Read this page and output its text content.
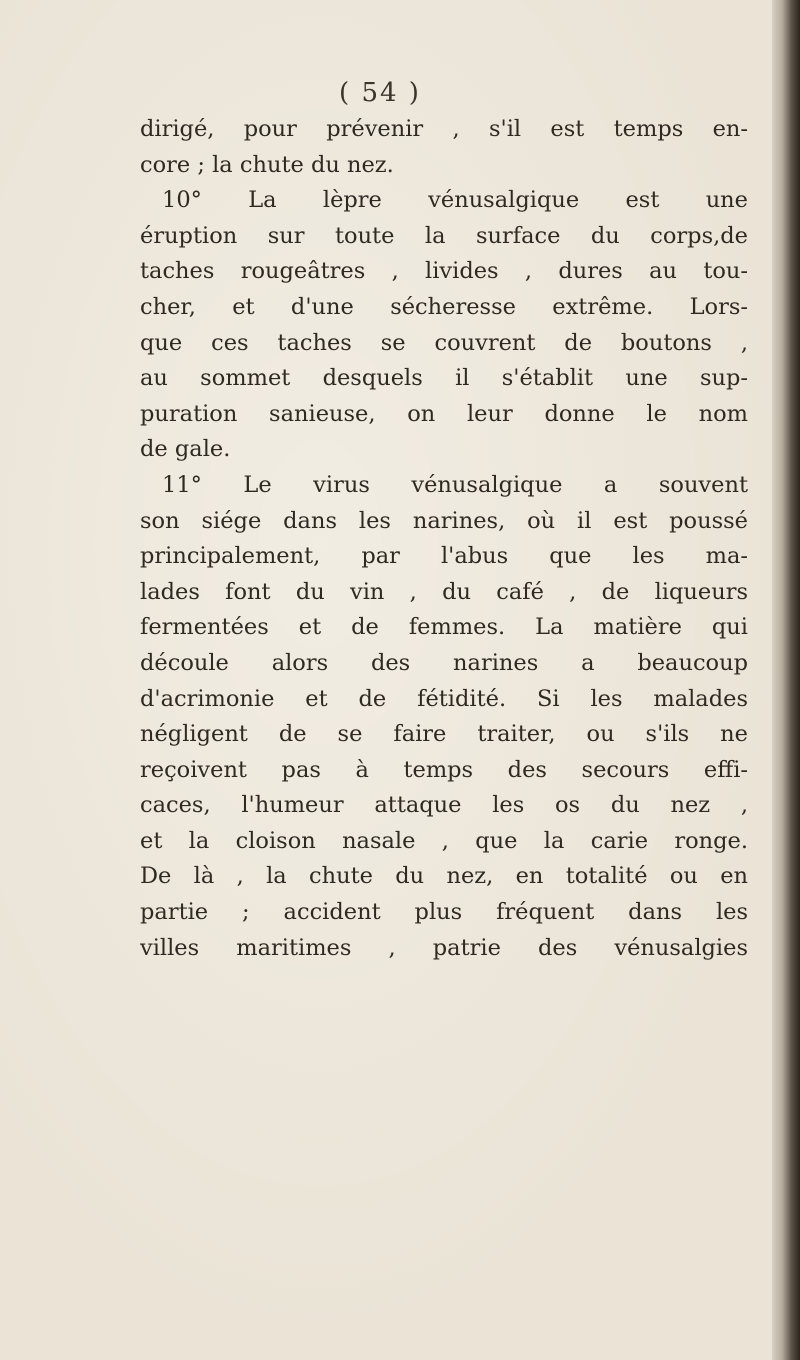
( 54 )
dirigé, pour prévenir , s'il est temps en-
core ; la chute du nez.
10° La lèpre vénusalgique est une
éruption sur toute la surface du corps,de
taches rougeâtres , livides , dures au tou-
cher, et d'une sécheresse extrême. Lors-
que ces taches se couvrent de boutons ,
au sommet desquels il s'établit une sup-
puration sanieuse, on leur donne le nom
de gale.
11° Le virus vénusalgique a souvent
son siége dans les narines, où il est poussé
principalement, par l'abus que les ma-
lades font du vin , du café , de liqueurs
fermentées et de femmes. La matière qui
découle alors des narines a beaucoup
d'acrimonie et de fétidité. Si les malades
négligent de se faire traiter, ou s'ils ne
reçoivent pas à temps des secours effi-
caces, l'humeur attaque les os du nez ,
et la cloison nasale , que la carie ronge.
De là , la chute du nez, en totalité ou en
partie ; accident plus fréquent dans les
villes maritimes , patrie des vénusalgies
